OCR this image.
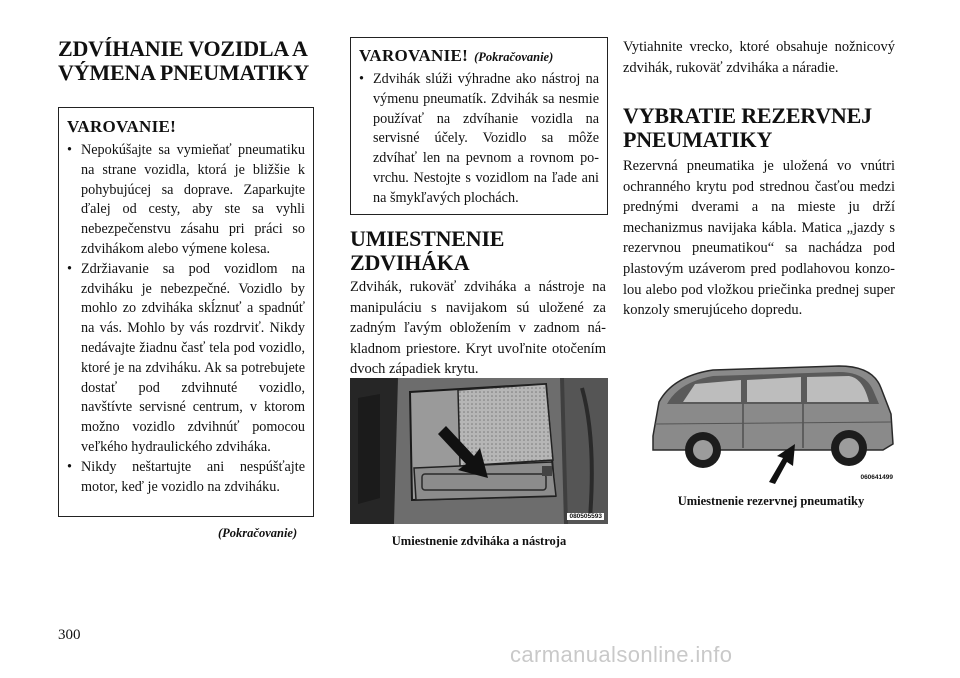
ZDVÍHANIE VOZIDLA A
VÝMENA PNEUMATIKY
VAROVANIE!
• Nepokúšajte sa vymieňať pneumatiku na strane vozidla, ktorá je bližšie k pohybujúcej sa doprave. Zaparkujte ďalej od cesty, aby ste sa vyhli nebezpečenstvu zásahu pri práci so zdvihákom alebo výmene kolesa.
• Zdržiavanie sa pod vozidlom na zdviháku je nebezpečné. Vozidlo by mohlo zo zdviháka skĺznuť a spadnúť na vás. Mohlo by vás rozdrviť. Nikdy nedávajte žiadnu časť tela pod vozidlo, ktoré je na zdviháku. Ak sa potrebujete dostať pod zdvihnuté vozidlo, navštívte servisné centrum, v ktorom možno vozidlo zdvihnúť pomocou veľkého hydraulického zdviháka.
• Nikdy neštartujte ani nespúšťajte motor, keď je vozidlo na zdviháku.
(Pokračovanie)
VAROVANIE! (Pokračovanie)
• Zdvihák slúži výhradne ako nástroj na výmenu pneumatík. Zdvihák sa nesmie používať na zdvíhanie vozidla na servisné účely. Vozidlo sa môže zdvíhať len na pevnom a rovnom povrchu. Nestojte s vozidlom na ľade ani na šmykľavých plochách.
UMIESTNENIE
ZDVIHÁKA

Zdvihák, rukoväť zdviháka a nástroje na manipuláciu s navijakom sú uložené za zadným ľavým obložením v zadnom nákladnom priestore. Kryt uvoľnite otočením dvoch západiek krytu.

080505593
Umiestnenie zdviháka a nástroja

Vytiahnite vrecko, ktoré obsahuje nožnicový zdvihák, rukoväť zdviháka a náradie.

VYBRATIE REZERVNEJ
PNEUMATIKY

Rezervná pneumatika je uložená vo vnútri ochranného krytu pod strednou časťou medzi prednými dverami a na mieste ju drží mechanizmus navijaka kábla. Matica „jazdy s rezervnou pneumatikou“ sa nachádza pod plastovým uzáverom pred podlahovou konzolou alebo pod vložkou priečinka prednej super konzoly smerujúceho dopredu.

060641499
Umiestnenie rezervnej pneumatiky
300
carmanualsonline.info
